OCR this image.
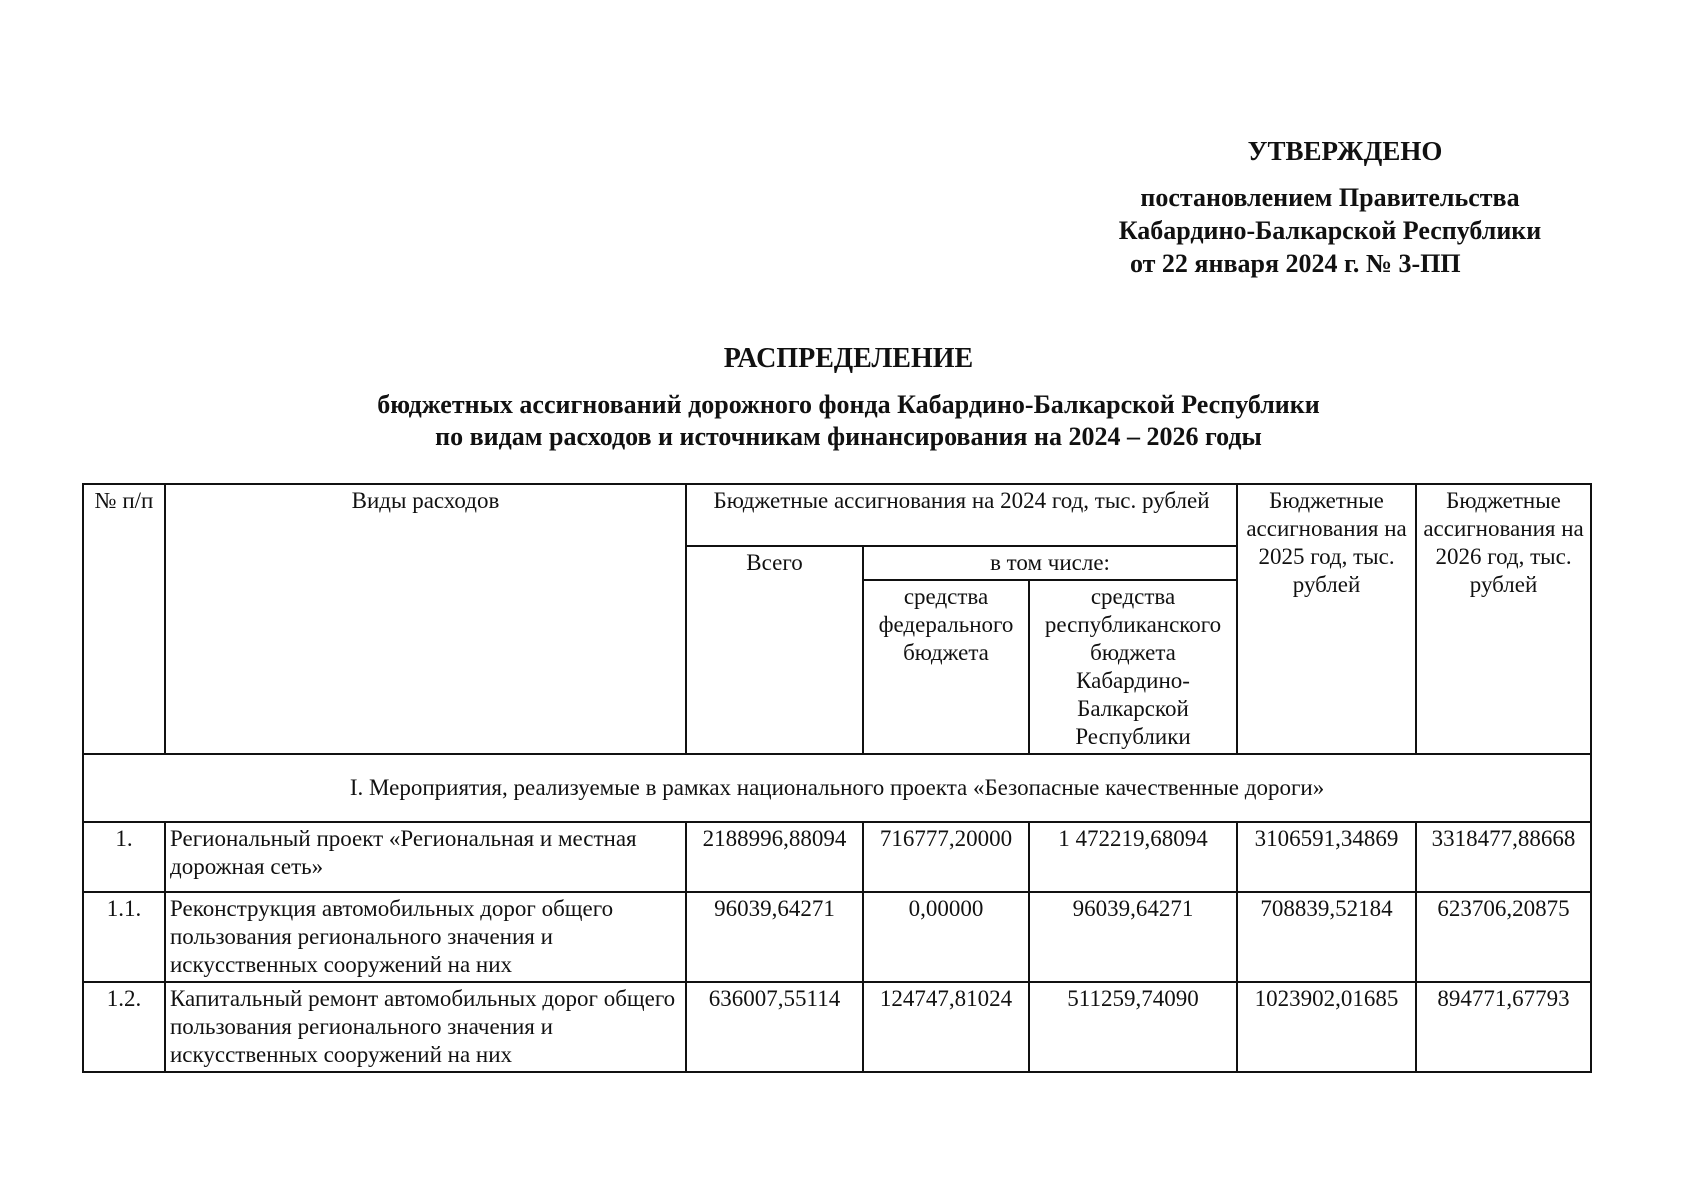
УТВЕРЖДЕНО
постановлением Правительства
Кабардино-Балкарской Республики
от 22 января 2024 г. № 3-ПП
РАСПРЕДЕЛЕНИЕ
бюджетных ассигнований дорожного фонда Кабардино-Балкарской Республики
по видам расходов и источникам финансирования на 2024 – 2026 годы
№ п/п	Виды расходов	Бюджетные ассигнования на 2024 год, тыс. рублей			Бюджетные ассигнования на 2025 год, тыс. рублей	Бюджетные ассигнования на 2026 год, тыс. рублей
		Всего	в том числе:			
			средства федерального бюджета	средства республиканского бюджета Кабардино-Балкарской Республики		
I. Мероприятия, реализуемые в рамках национального проекта «Безопасные качественные дороги»						
1.	Региональный проект «Региональная и местная дорожная сеть»	2188996,88094	716777,20000	1 472219,68094	3106591,34869	3318477,88668
1.1.	Реконструкция автомобильных дорог общего пользования регионального значения и искусственных сооружений на них	96039,64271	0,00000	96039,64271	708839,52184	623706,20875
1.2.	Капитальный ремонт автомобильных дорог общего пользования регионального значения и искусственных сооружений на них	636007,55114	124747,81024	511259,74090	1023902,01685	894771,67793
